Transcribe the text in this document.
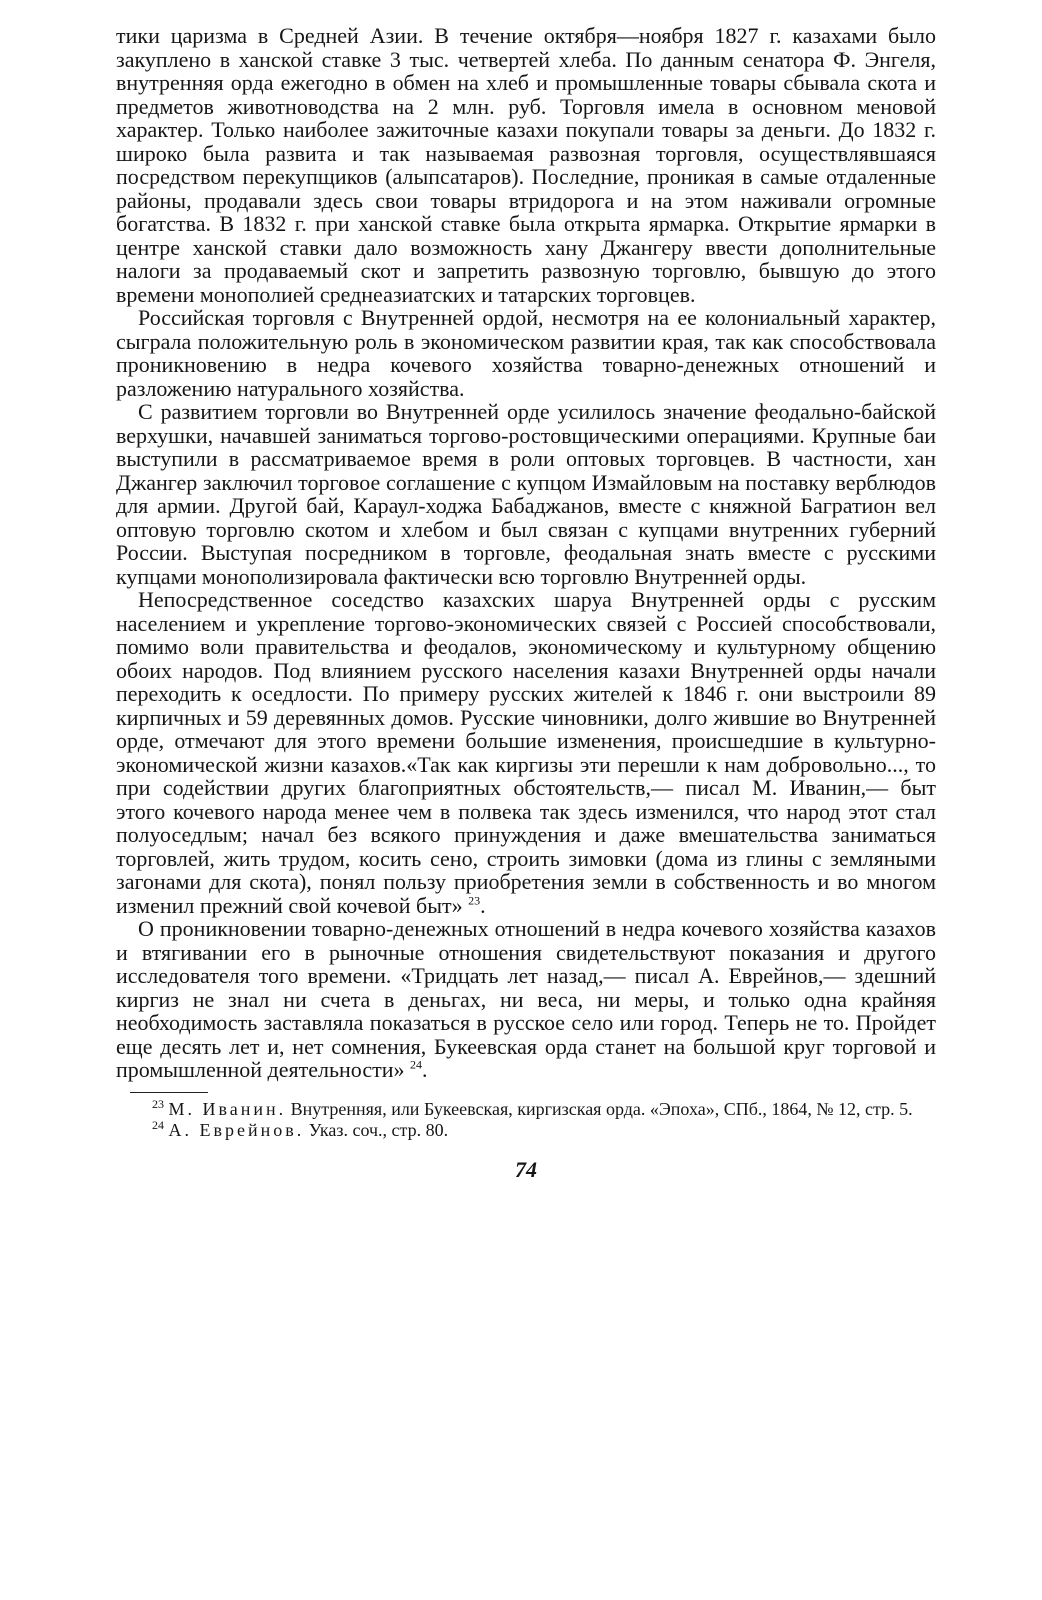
тики царизма в Средней Азии. В течение октября—ноября 1827 г. казахами было закуплено в ханской ставке 3 тыс. четвертей хлеба. По данным сенатора Ф. Энгеля, внутренняя орда ежегодно в обмен на хлеб и промышленные товары сбывала скота и предметов животноводства на 2 млн. руб. Торговля имела в основном меновой характер. Только наиболее зажиточные казахи покупали товары за деньги. До 1832 г. широко была развита и так называемая развозная торговля, осуществлявшаяся посредством перекупщиков (алыпсатаров). Последние, проникая в самые отдаленные районы, продавали здесь свои товары втридорога и на этом наживали огромные богатства. В 1832 г. при ханской ставке была открыта ярмарка. Открытие ярмарки в центре ханской ставки дало возможность хану Джангеру ввести дополнительные налоги за продаваемый скот и запретить развозную торговлю, бывшую до этого времени монополией среднеазиатских и татарских торговцев.

Российская торговля с Внутренней ордой, несмотря на ее колониальный характер, сыграла положительную роль в экономическом развитии края, так как способствовала проникновению в недра кочевого хозяйства товарно-денежных отношений и разложению натурального хозяйства.

С развитием торговли во Внутренней орде усилилось значение феодально-байской верхушки, начавшей заниматься торгово-ростовщическими операциями. Крупные баи выступили в рассматриваемое время в роли оптовых торговцев. В частности, хан Джангер заключил торговое соглашение с купцом Измайловым на поставку верблюдов для армии. Другой бай, Караул-ходжа Бабаджанов, вместе с княжной Багратион вел оптовую торговлю скотом и хлебом и был связан с купцами внутренних губерний России. Выступая посредником в торговле, феодальная знать вместе с русскими купцами монополизировала фактически всю торговлю Внутренней орды.

Непосредственное соседство казахских шаруа Внутренней орды с русским населением и укрепление торгово-экономических связей с Россией способствовали, помимо воли правительства и феодалов, экономическому и культурному общению обоих народов. Под влиянием русского населения казахи Внутренней орды начали переходить к оседлости. По примеру русских жителей к 1846 г. они выстроили 89 кирпичных и 59 деревянных домов. Русские чиновники, долго жившие во Внутренней орде, отмечают для этого времени большие изменения, происшедшие в культурно-экономической жизни казахов.«Так как киргизы эти перешли к нам добровольно..., то при содействии других благоприятных обстоятельств,— писал М. Иванин,— быт этого кочевого народа менее чем в полвека так здесь изменился, что народ этот стал полуоседлым; начал без всякого принуждения и даже вмешательства заниматься торговлей, жить трудом, косить сено, строить зимовки (дома из глины с земляными загонами для скота), понял пользу приобретения земли в собственность и во многом изменил прежний свой кочевой быт» $^{23}$.

О проникновении товарно-денежных отношений в недра кочевого хозяйства казахов и втягивании его в рыночные отношения свидетельствуют показания и другого исследователя того времени. «Тридцать лет назад,— писал А. Еврейнов,— здешний киргиз не знал ни счета в деньгах, ни веса, ни меры, и только одна крайняя необходимость заставляла показаться в русское село или город. Теперь не то. Пройдет еще десять лет и, нет сомнения, Букеевская орда станет на большой круг торговой и промышленной деятельности» $^{24}$.

$^{23}$ М. Иванин. Внутренняя, или Букеевская, киргизская орда. «Эпоха», СПб., 1864, № 12, стр. 5.

$^{24}$ А. Еврейнов. Указ. соч., стр. 80.

74
